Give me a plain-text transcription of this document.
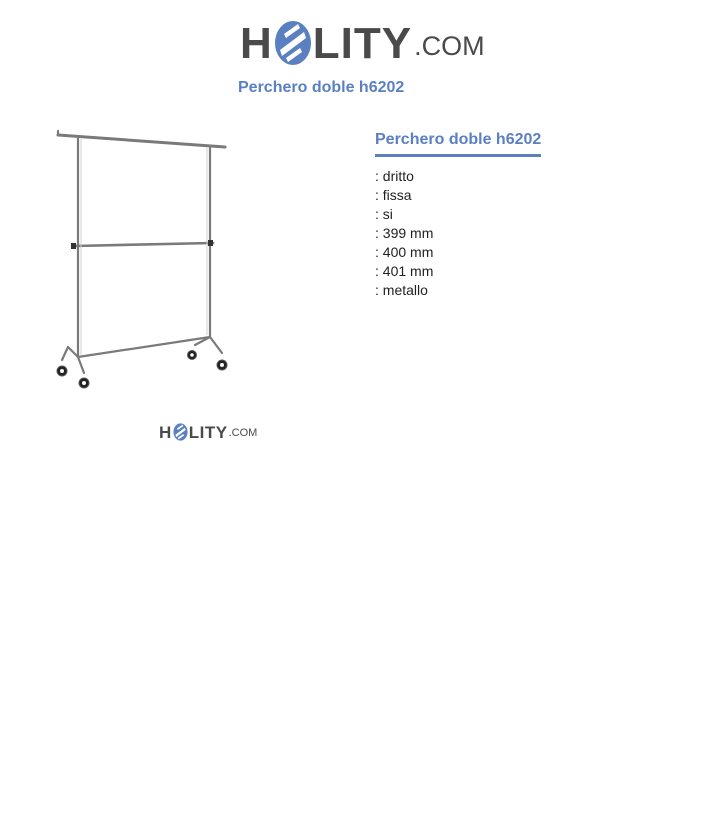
H LITY .COM
Perchero doble h6202
H LITY .COM
Perchero doble h6202
: dritto
: fissa
: si
: 399 mm
: 400 mm
: 401 mm
: metallo
